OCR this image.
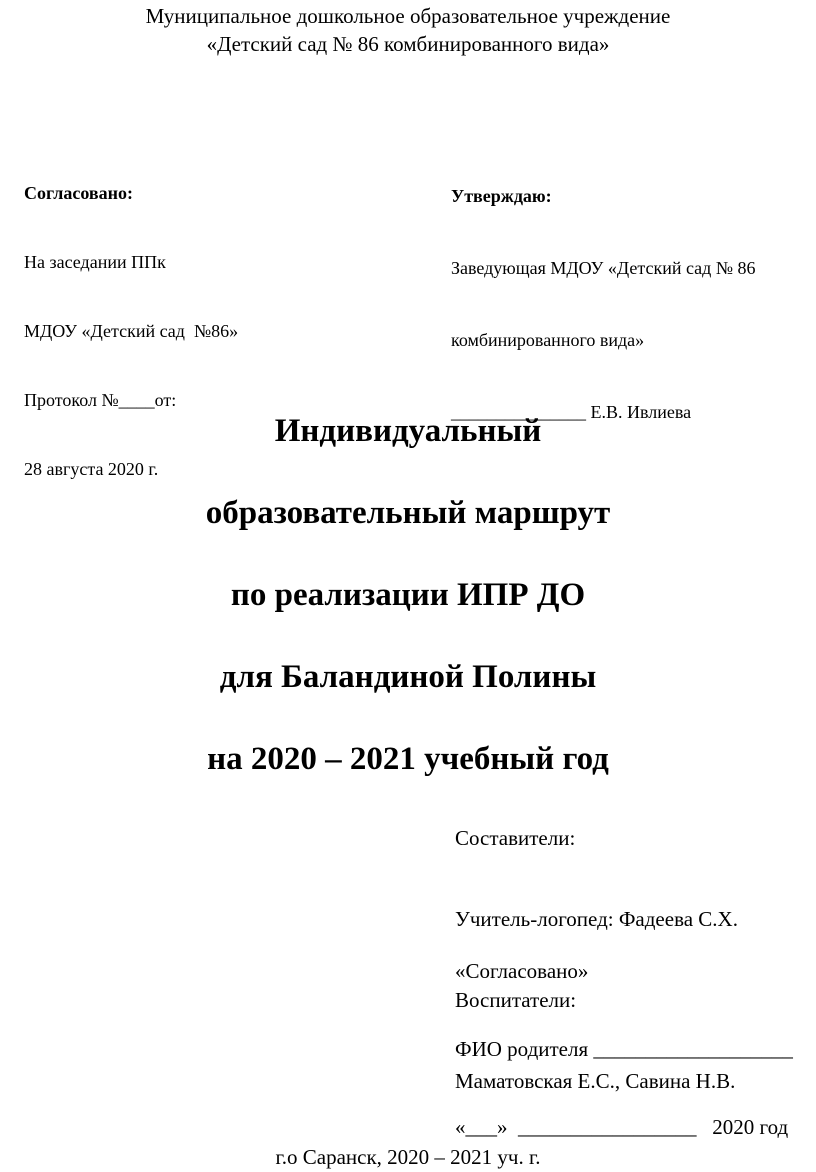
Муниципальное дошкольное образовательное учреждение
«Детский сад № 86 комбинированного вида»

Согласовано:

На заседании ППк

МДОУ «Детский сад  №86»

Протокол №____от:

28 августа 2020 г.

Утверждаю:

Заведующая МДОУ «Детский сад № 86

комбинированного вида»

_______________ Е.В. Ивлиева

Индивидуальный

образовательный маршрут

по реализации ИПР ДО

для Баландиной Полины

на 2020 – 2021 учебный год

Составители:

Учитель-логопед: Фадеева С.Х.

Воспитатели:

Маматовская Е.С., Савина Н.В.

«Согласовано»

ФИО родителя ___________________

«___»  _________________   2020 год

г.о Саранск, 2020 – 2021 уч. г.
